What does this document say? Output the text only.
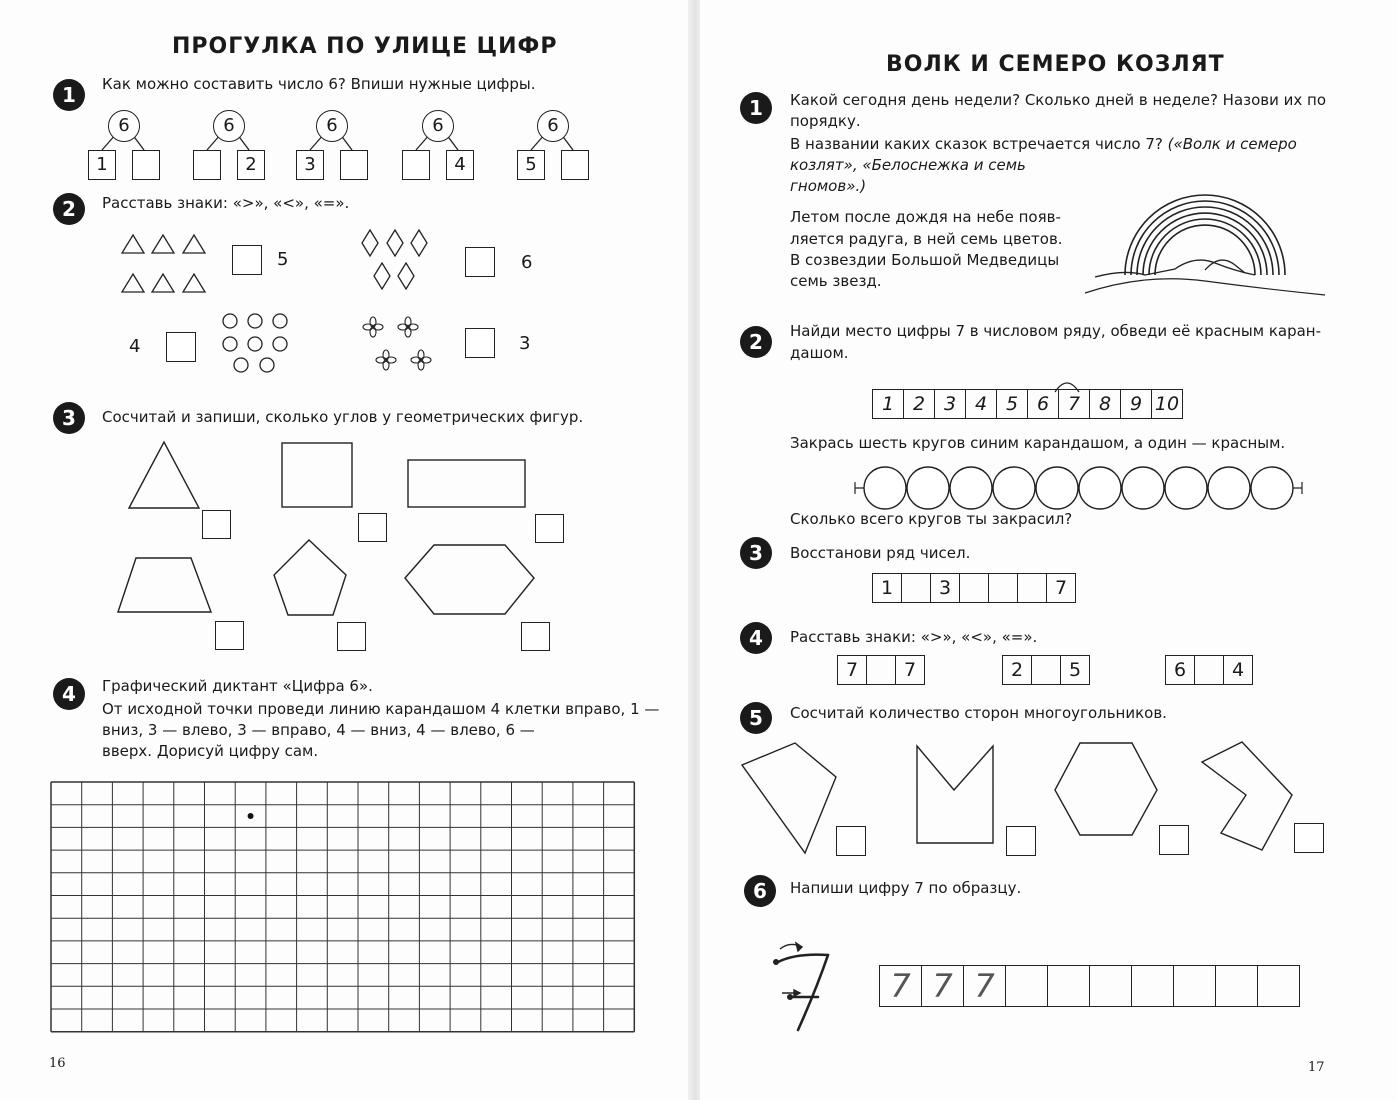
ПРОГУЛКА ПО УЛИЦЕ ЦИФР
1	Как можно составить число 6? Впиши нужные цифры.
6
1
6
2
6
3
6
4
6
5
2	Расставь знаки: «>», «<», «=».
5	6
4	3
3	Сосчитай и запиши, сколько углов у геометрических фигур.
4	Графический диктант «Цифра 6».
От исходной точки проведи линию карандашом 4 клетки вправо, 1 —
вниз, 3 — влево, 3 — вправо, 4 — вниз, 4 — влево, 6 —
вверх. Дорисуй цифру сам.
16
ВОЛК И СЕМЕРО КОЗЛЯТ
1	Какой сегодня день недели? Сколько дней в неделе? Назови их по
порядку.
В названии каких сказок встречается число 7? («Волк и семеро
козлят», «Белоснежка и семь
гномов».)
Летом после дождя на небе появ-
ляется радуга, в ней семь цветов.
В созвездии Большой Медведицы
семь звезд.
2	Найди место цифры 7 в числовом ряду, обведи её красным каран-
дашом.
1 2 3 4 5 6 7 8 9 10
Закрась шесть кругов синим карандашом, а один — красным.
Сколько всего кругов ты закрасил?
3	Восстанови ряд чисел.
1	3	7
4	Расставь знаки: «>», «<», «=».
7	7	2	5	6	4
5	Сосчитай количество сторон многоугольников.
6	Напиши цифру 7 по образцу.
7 7 7
17
